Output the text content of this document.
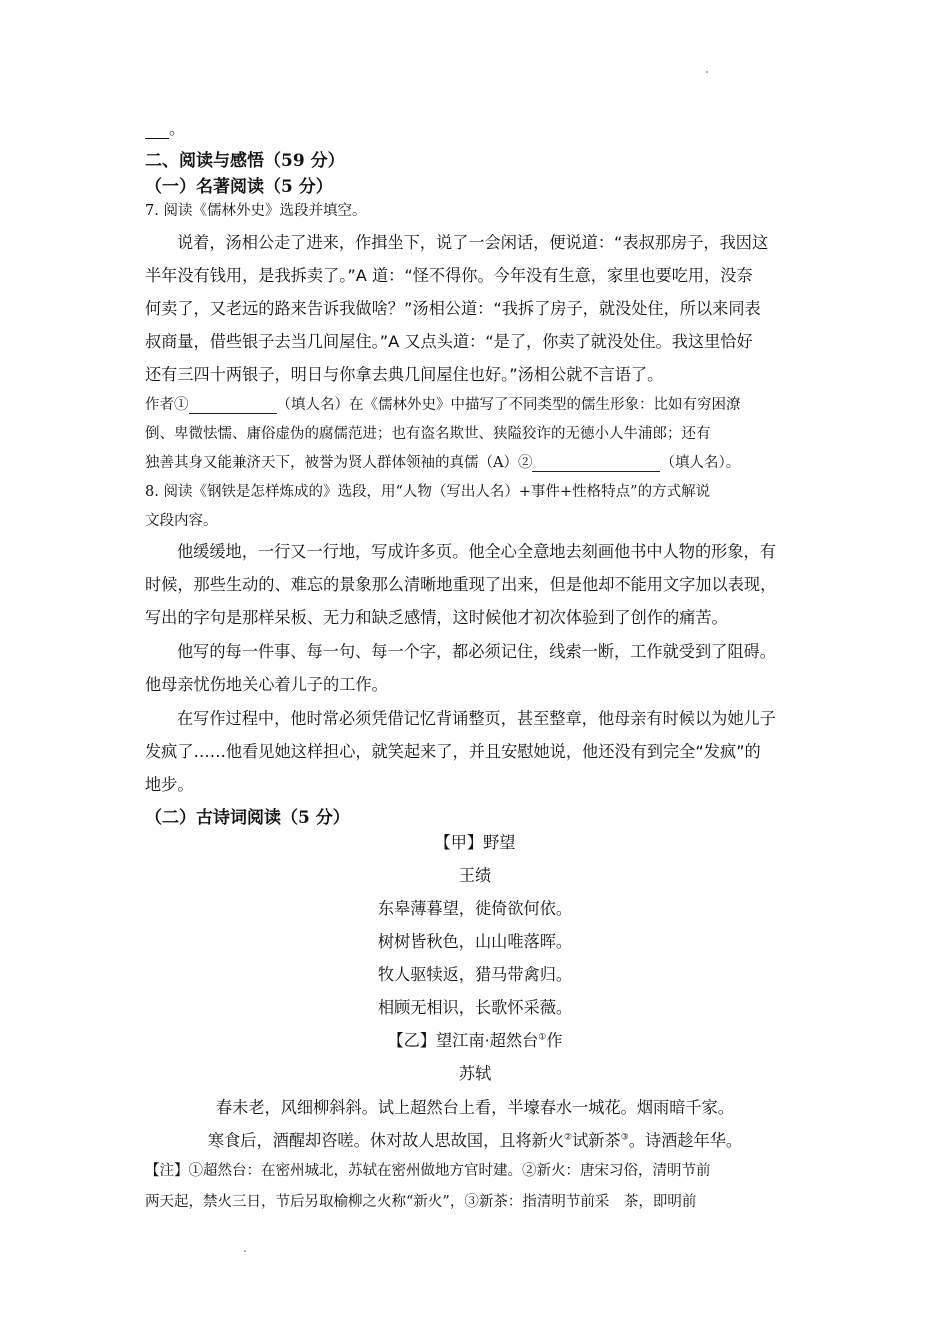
。
二、阅读与感悟（59 分）
（一）名著阅读（5 分）
7. 阅读《儒林外史》选段并填空。
说着，汤相公走了进来，作揖坐下，说了一会闲话，便说道：“表叔那房子，我因这
半年没有钱用，是我拆卖了。”A 道：“怪不得你。今年没有生意，家里也要吃用，没奈
何卖了，又老远的路来告诉我做啥？”汤相公道：“我拆了房子，就没处住，所以来同表
叔商量，借些银子去当几间屋住。”A 又点头道：“是了，你卖了就没处住。我这里恰好
还有三四十两银子，明日与你拿去典几间屋住也好。”汤相公就不言语了。
作者①	（填人名）在《儒林外史》中描写了不同类型的儒生形象：比如有穷困潦
倒、卑微怯懦、庸俗虚伪的腐儒范进；也有盗名欺世、狭隘狡诈的无德小人牛浦郎；还有
独善其身又能兼济天下，被誉为贤人群体领袖的真儒（A）②	（填人名）。
8. 阅读《钢铁是怎样炼成的》选段，用“人物（写出人名）+事件+性格特点”的方式解说
文段内容。
他缓缓地，一行又一行地，写成许多页。他全心全意地去刻画他书中人物的形象，有
时候，那些生动的、难忘的景象那么清晰地重现了出来，但是他却不能用文字加以表现，
写出的字句是那样呆板、无力和缺乏感情，这时候他才初次体验到了创作的痛苦。
他写的每一件事、每一句、每一个字，都必须记住，线索一断，工作就受到了阻碍。
他母亲忧伤地关心着儿子的工作。
在写作过程中，他时常必须凭借记忆背诵整页，甚至整章，他母亲有时候以为她儿子
发疯了……他看见她这样担心，就笑起来了，并且安慰她说，他还没有到完全“发疯”的
地步。
（二）古诗词阅读（5 分）
【甲】野望
王绩
东皋薄暮望，徙倚欲何依。
树树皆秋色，山山唯落晖。
牧人驱犊返，猎马带禽归。
相顾无相识，长歌怀采薇。
【乙】望江南·超然台①作
苏轼
春未老，风细柳斜斜。试上超然台上看，半壕春水一城花。烟雨暗千家。
寒食后，酒醒却咨嗟。休对故人思故国，且将新火②试新茶③。诗酒趁年华。
【注】①超然台：在密州城北，苏轼在密州做地方官时建。②新火：唐宋习俗，清明节前
两天起，禁火三日，节后另取榆柳之火称“新火”，③新茶：指清明节前采　茶，即明前
